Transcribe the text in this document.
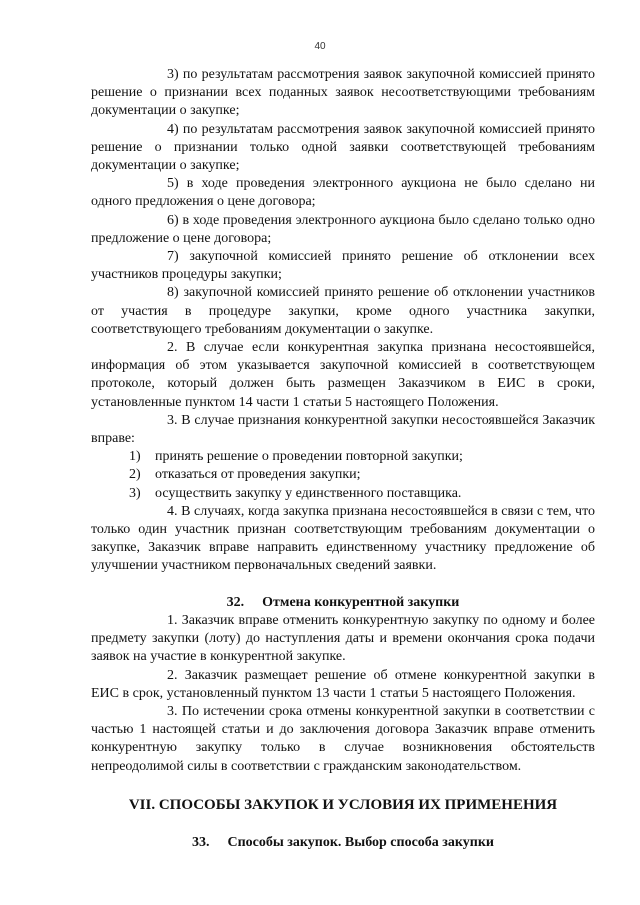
40

3) по результатам рассмотрения заявок закупочной комиссией принято решение о признании всех поданных заявок несоответствующими требованиям документации о закупке;

4) по результатам рассмотрения заявок закупочной комиссией принято решение о признании только одной заявки соответствующей требованиям документации о закупке;

5) в ходе проведения электронного аукциона не было сделано ни одного предложения о цене договора;

6) в ходе проведения электронного аукциона было сделано только одно предложение о цене договора;

7) закупочной комиссией принято решение об отклонении всех участников процедуры закупки;

8) закупочной комиссией принято решение об отклонении участников от участия в процедуре закупки, кроме одного участника закупки, соответствующего требованиям документации о закупке.

2. В случае если конкурентная закупка признана несостоявшейся, информация об этом указывается закупочной комиссией в соответствующем протоколе, который должен быть размещен Заказчиком в ЕИС в сроки, установленные пунктом 14 части 1 статьи 5 настоящего Положения.

3. В случае признания конкурентной закупки несостоявшейся Заказчик вправе:

1) принять решение о проведении повторной закупки;

2) отказаться от проведения закупки;

3) осуществить закупку у единственного поставщика.

4. В случаях, когда закупка признана несостоявшейся в связи с тем, что только один участник признан соответствующим требованиям документации о закупке, Заказчик вправе направить единственному участнику предложение об улучшении участником первоначальных сведений заявки.

32. Отмена конкурентной закупки

1. Заказчик вправе отменить конкурентную закупку по одному и более предмету закупки (лоту) до наступления даты и времени окончания срока подачи заявок на участие в конкурентной закупке.

2. Заказчик размещает решение об отмене конкурентной закупки в ЕИС в срок, установленный пунктом 13 части 1 статьи 5 настоящего Положения.

3. По истечении срока отмены конкурентной закупки в соответствии с частью 1 настоящей статьи и до заключения договора Заказчик вправе отменить конкурентную закупку только в случае возникновения обстоятельств непреодолимой силы в соответствии с гражданским законодательством.

VII. СПОСОБЫ ЗАКУПОК И УСЛОВИЯ ИХ ПРИМЕНЕНИЯ

33. Способы закупок. Выбор способа закупки
